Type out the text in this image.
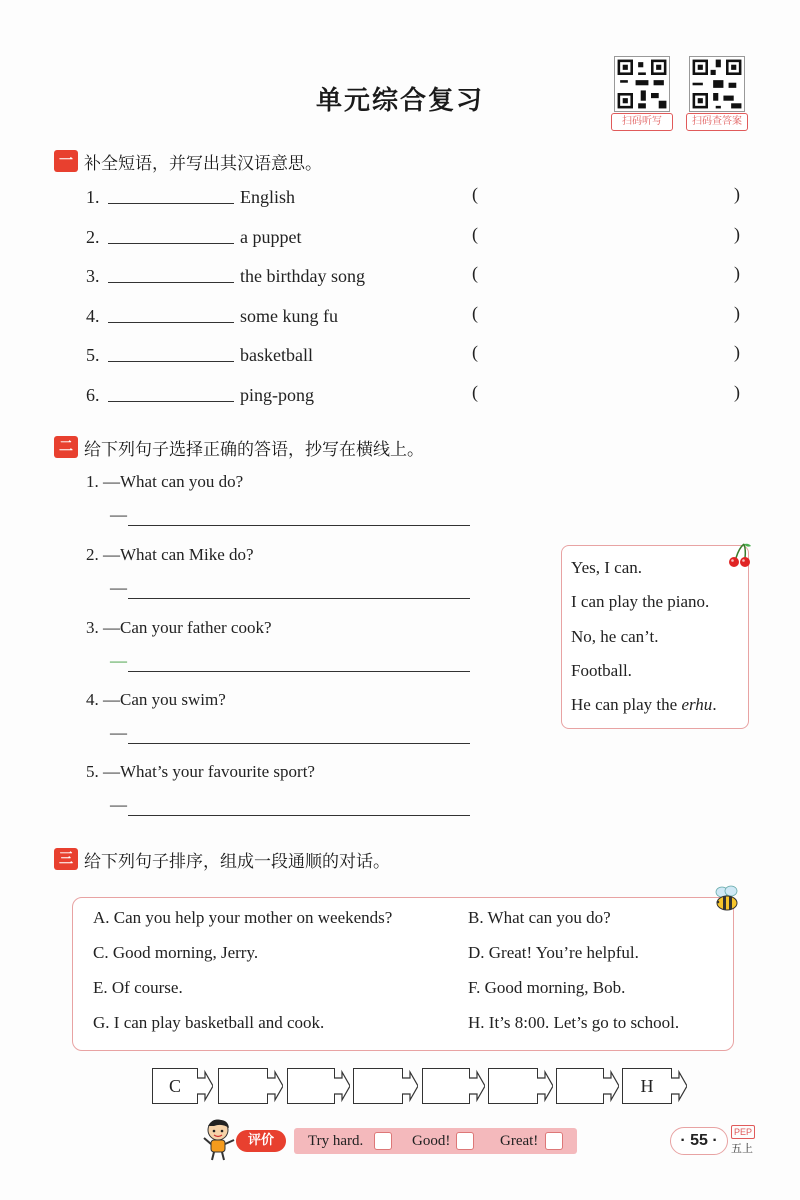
单元综合复习
扫码听写	扫码查答案
一 补全短语，并写出其汉语意思。
1.	English	(	)
2.	a puppet	(	)
3.	the birthday song	(	)
4.	some kung fu	(	)
5.	basketball	(	)
6.	ping-pong	(	)
二 给下列句子选择正确的答语，抄写在横线上。
1. —What can you do?
—
2. —What can Mike do?
—
3. —Can your father cook?
—
4. —Can you swim?
—
5. —What’s your favourite sport?
—
Yes, I can.
I can play the piano.
No, he can’t.
Football.
He can play the erhu.
三 给下列句子排序，组成一段通顺的对话。
A. Can you help your mother on weekends?	B. What can you do?
C. Good morning, Jerry.	D. Great! You’re helpful.
E. Of course.	F. Good morning, Bob.
G. I can play basketball and cook.	H. It’s 8:00. Let’s go to school.
C	H
评价	Try hard.	Good!	Great!	· 55 ·	PEP
五上
